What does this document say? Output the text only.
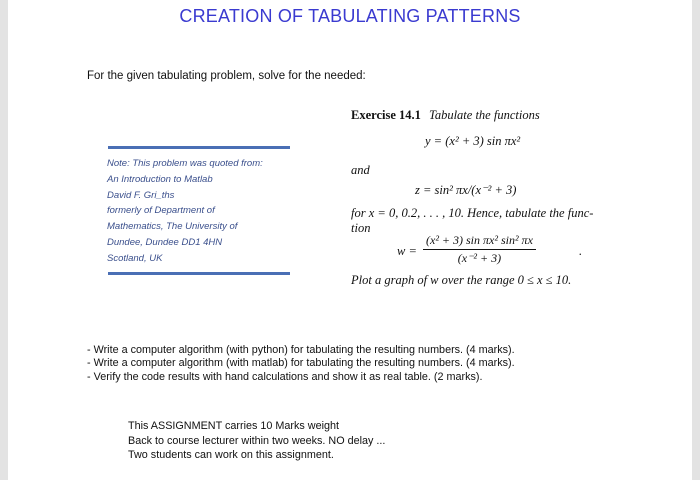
CREATION OF TABULATING PATTERNS
For the given tabulating problem, solve for the needed:
Note: This problem was quoted from:
An Introduction to Matlab
David F. Gri_ths
formerly of Department of
Mathematics, The University of
Dundee, Dundee DD1 4HN
Scotland, UK
Exercise 14.1 Tabulate the functions
y = (x² + 3) sin πx²
and
z = sin² πx/(x⁻² + 3)
for x = 0, 0.2, . . . , 10. Hence, tabulate the func-
tion
$w = \frac{\text{(x² + 3) sin πx² sin² πx}}{\text{(x⁻² + 3)}}$	.
Plot a graph of w over the range 0 ≤ x ≤ 10.
- Write a computer algorithm (with python) for tabulating the resulting numbers. (4 marks).
- Write a computer algorithm (with matlab) for tabulating the resulting numbers. (4 marks).
- Verify the code results with hand calculations and show it as real table. (2 marks).
This ASSIGNMENT carries 10 Marks weight
Back to course lecturer within two weeks. NO delay ...
Two students can work on this assignment.
